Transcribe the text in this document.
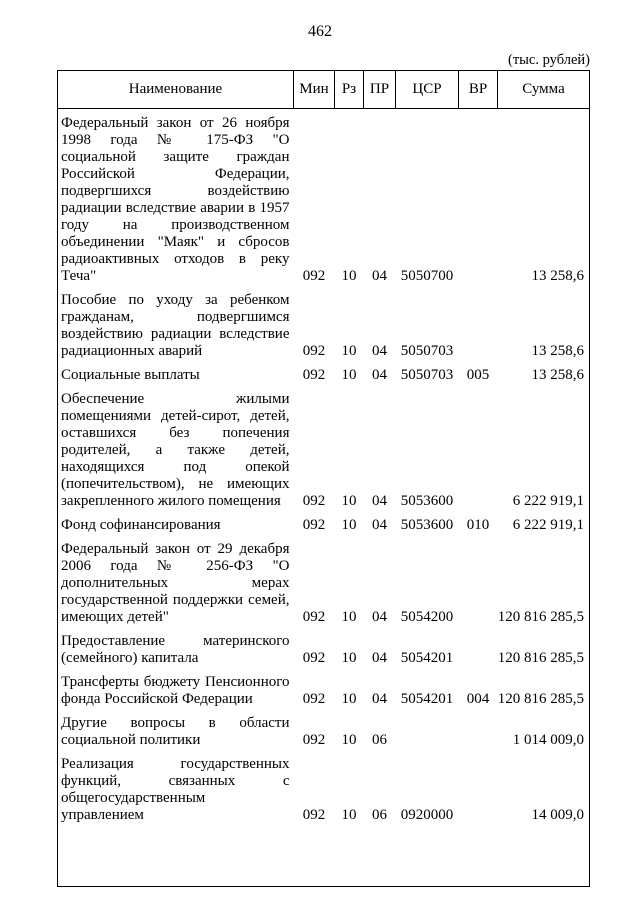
462
(тыс. рублей)
Наименование	Мин	Рз	ПР	ЦСР	ВР	Сумма
Федеральный закон от 26 ноября 1998 года № 175-ФЗ "О социальной защите граждан Российской Федерации, подвергшихся воздействию радиации вследствие аварии в 1957 году на производственном объединении "Маяк" и сбросов радиоактивных отходов в реку Теча"	092	10	04	5050700		13 258,6
Пособие по уходу за ребенком гражданам, подвергшимся воздействию радиации вследствие радиационных аварий	092	10	04	5050703		13 258,6
Социальные выплаты	092	10	04	5050703	005	13 258,6
Обеспечение жилыми помещениями детей-сирот, детей, оставшихся без попечения родителей, а также детей, находящихся под опекой (попечительством), не имеющих закрепленного жилого помещения	092	10	04	5053600		6 222 919,1
Фонд софинансирования	092	10	04	5053600	010	6 222 919,1
Федеральный закон от 29 декабря 2006 года № 256-ФЗ "О дополнительных мерах государственной поддержки семей, имеющих детей"	092	10	04	5054200		120 816 285,5
Предоставление материнского (семейного) капитала	092	10	04	5054201		120 816 285,5
Трансферты бюджету Пенсионного фонда Российской Федерации	092	10	04	5054201	004	120 816 285,5
Другие вопросы в области социальной политики	092	10	06			1 014 009,0
Реализация государственных функций, связанных с общегосударственным управлением	092	10	06	0920000		14 009,0
